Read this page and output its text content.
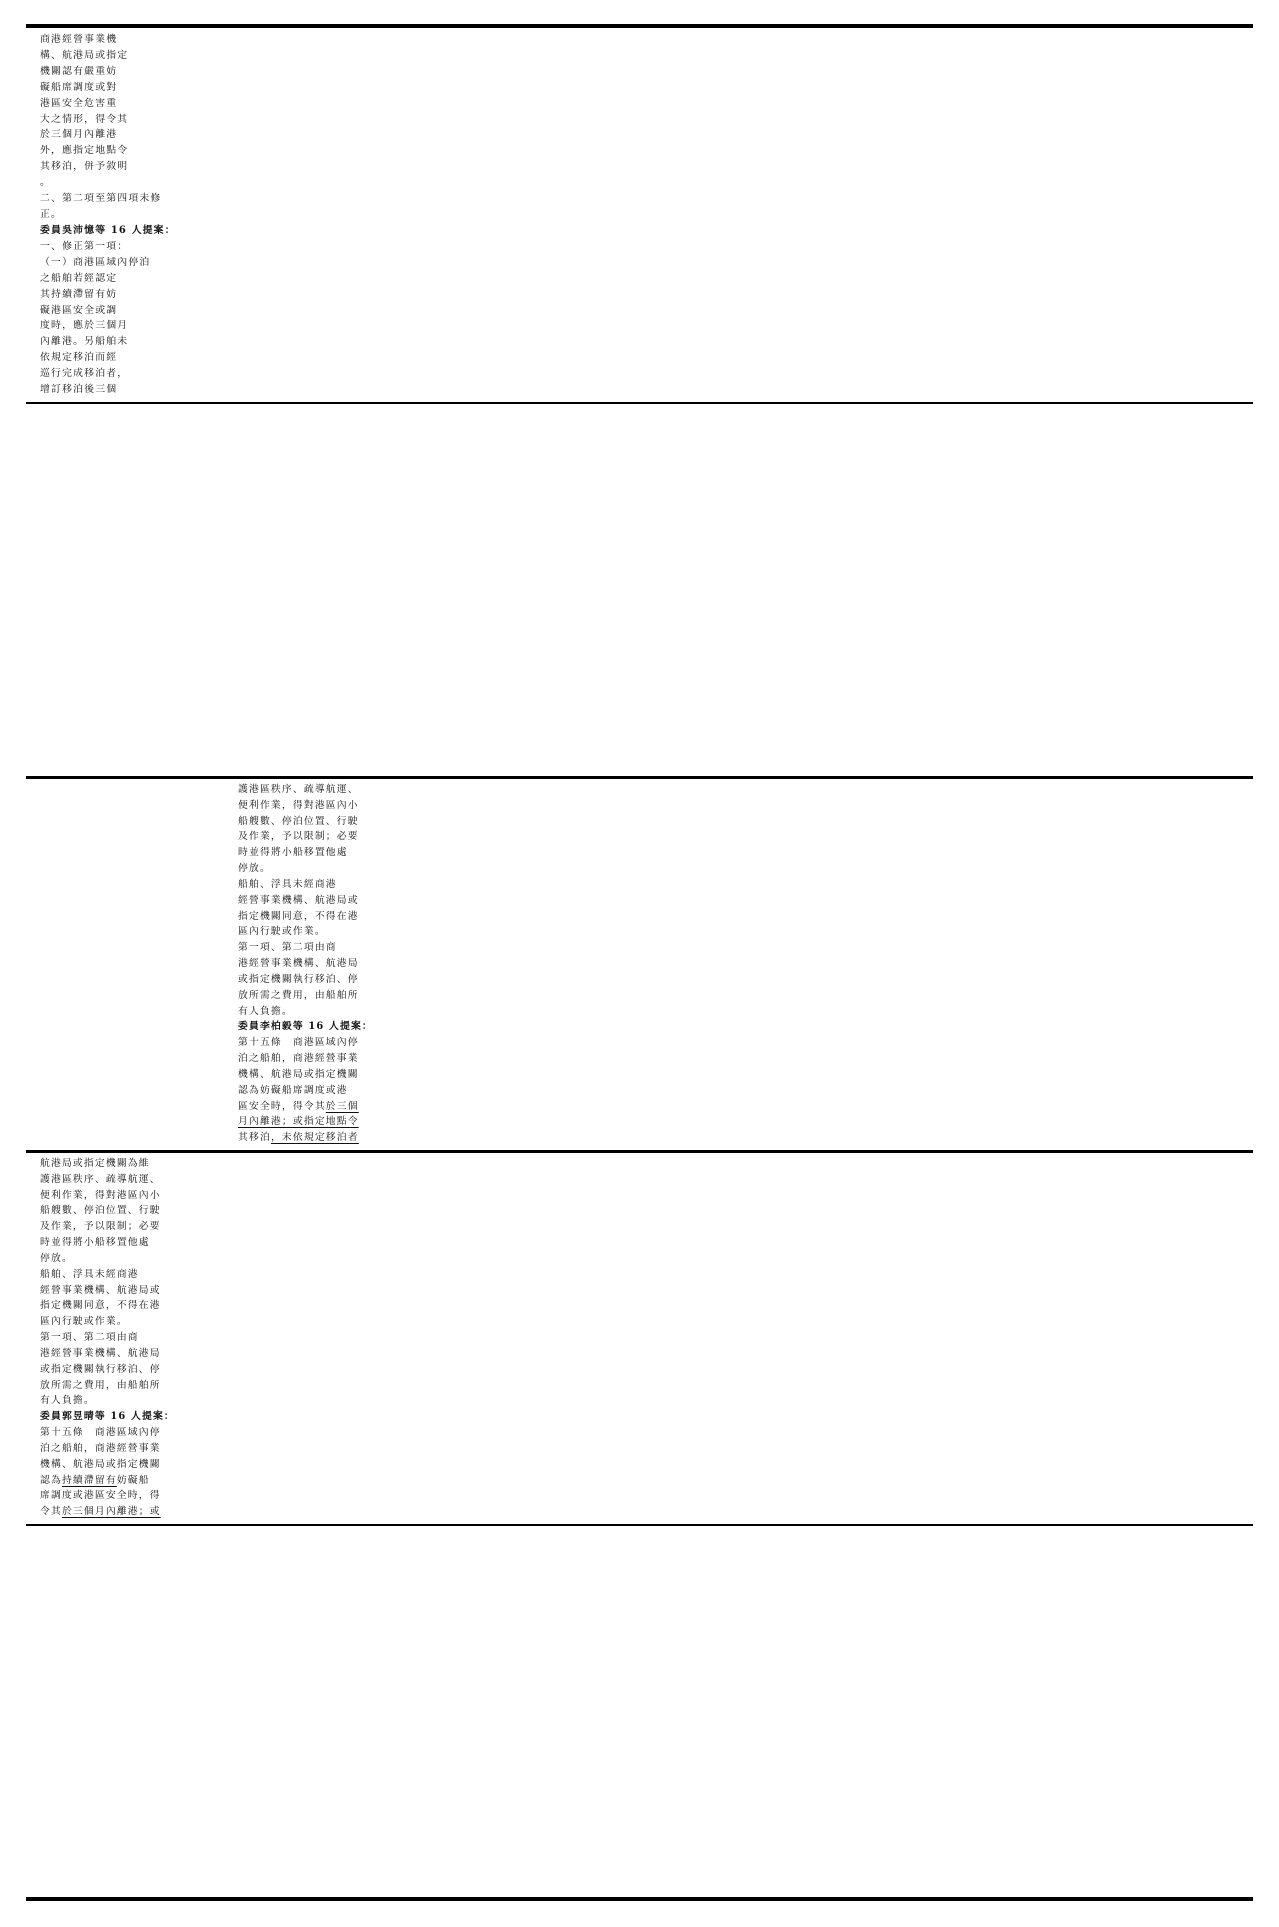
商港經營事業機
構、航港局或指定
機關認有嚴重妨
礙船席調度或對
港區安全危害重
大之情形，得令其
於三個月內離港
外，應指定地點令
其移泊，併予敘明
。
二、第二項至第四項未修
正。
委員吳沛憶等 16 人提案：
一、修正第一項：
（一）商港區域內停泊
之船舶若經認定
其持續滯留有妨
礙港區安全或調
度時，應於三個月
內離港。另船舶未
依規定移泊而經
巡行完成移泊者，
增訂移泊後三個
護港區秩序、疏導航運、
便利作業，得對港區內小
船艘數、停泊位置、行駛
及作業，予以限制；必要
時並得將小船移置他處
停放。
船舶、浮具未經商港
經營事業機構、航港局或
指定機關同意，不得在港
區內行駛或作業。
第一項、第二項由商
港經營事業機構、航港局
或指定機關執行移泊、停
放所需之費用，由船舶所
有人負擔。
委員李柏毅等 16 人提案：
第十五條　商港區域內停
泊之船舶，商港經營事業
機構、航港局或指定機關
認為妨礙船席調度或港
區安全時，得令其於三個
月內離港；或指定地點令
其移泊，未依規定移泊者
航港局或指定機關為維
護港區秩序、疏導航運、
便利作業，得對港區內小
船艘數、停泊位置、行駛
及作業，予以限制；必要
時並得將小船移置他處
停放。
船舶、浮具未經商港
經營事業機構、航港局或
指定機關同意，不得在港
區內行駛或作業。
第一項、第二項由商
港經營事業機構、航港局
或指定機關執行移泊、停
放所需之費用，由船舶所
有人負擔。
委員郭昱晴等 16 人提案：
第十五條　商港區域內停
泊之船舶，商港經營事業
機構、航港局或指定機關
認為持續滯留有妨礙船
席調度或港區安全時，得
令其於三個月內離港；或
